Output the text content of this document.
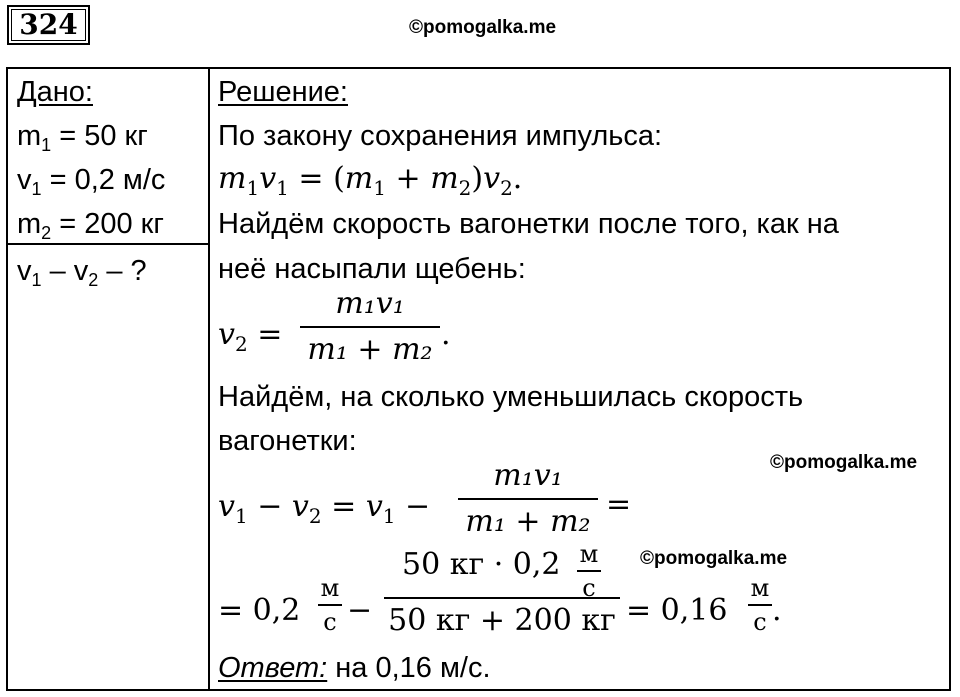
324	©pomogalka.me
©pomogalka.me
©pomogalka.me
Дано:
$m_1 = 50$ кг
$v_1 = 0,2$ м/с
$m_2 = 200$ кг
$v_1 - v_2$ – ?
Решение:
По закону сохранения импульса:
$m_1v_1 = (m_1 + m_2)v_2$.
Найдём скорость вагонетки после того, как на
неё насыпали щебень:
$v_2$ =
m₁v₁
m₁ + m₂ .
Найдём, на сколько уменьшилась скорость
вагонетки:
$v_1 - v_2 = v_1$ −
m₁v₁
m₁ + m₂ =
= 0,2
м
с −
50 кг · 0,2
50 кг + 200 кг
м
с
= 0,16
м
с .
Ответ: на 0,16 м/с.
